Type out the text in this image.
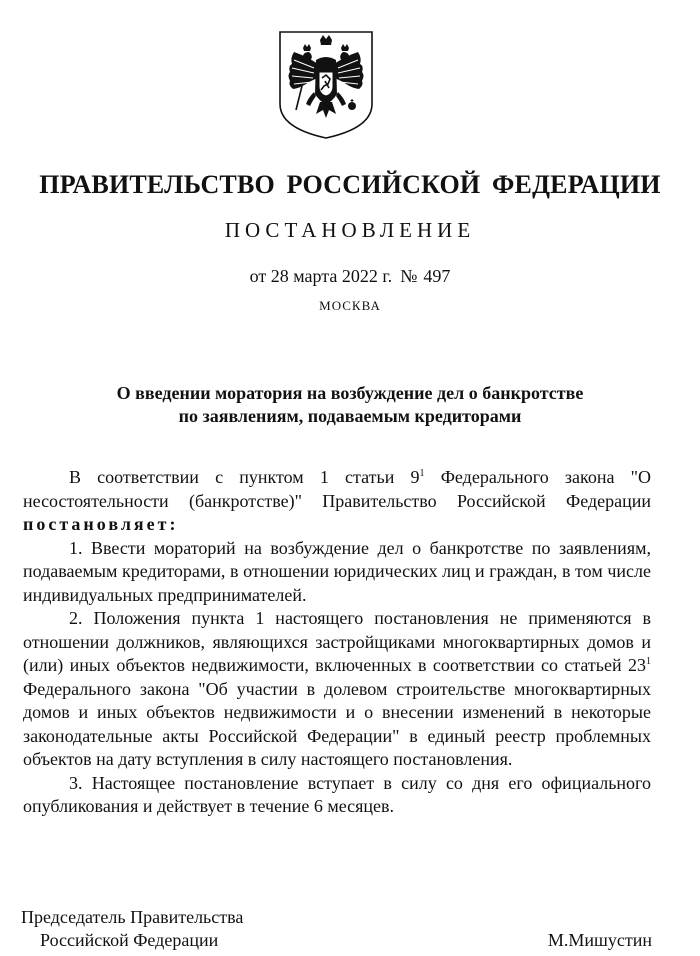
ПРАВИТЕЛЬСТВО РОССИЙСКОЙ ФЕДЕРАЦИИ
ПОСТАНОВЛЕНИЕ
от 28 марта 2022 г. № 497
МОСКВА
О введении моратория на возбуждение дел о банкротстве
по заявлениям, подаваемым кредиторами

В соответствии с пунктом 1 статьи $9^1$ Федерального закона "О несостоятельности (банкротстве)" Правительство Российской Федерации постановляет:

1. Ввести мораторий на возбуждение дел о банкротстве по заявлениям, подаваемым кредиторами, в отношении юридических лиц и граждан, в том числе индивидуальных предпринимателей.

2. Положения пункта 1 настоящего постановления не применяются в отношении должников, являющихся застройщиками многоквартирных домов и (или) иных объектов недвижимости, включенных в соответствии со статьей $23^1$ Федерального закона "Об участии в долевом строительстве многоквартирных домов и иных объектов недвижимости и о внесении изменений в некоторые законодательные акты Российской Федерации" в единый реестр проблемных объектов на дату вступления в силу настоящего постановления.

3. Настоящее постановление вступает в силу со дня его официального опубликования и действует в течение 6 месяцев.

Председатель Правительства
Российской Федерации	М.Мишустин
